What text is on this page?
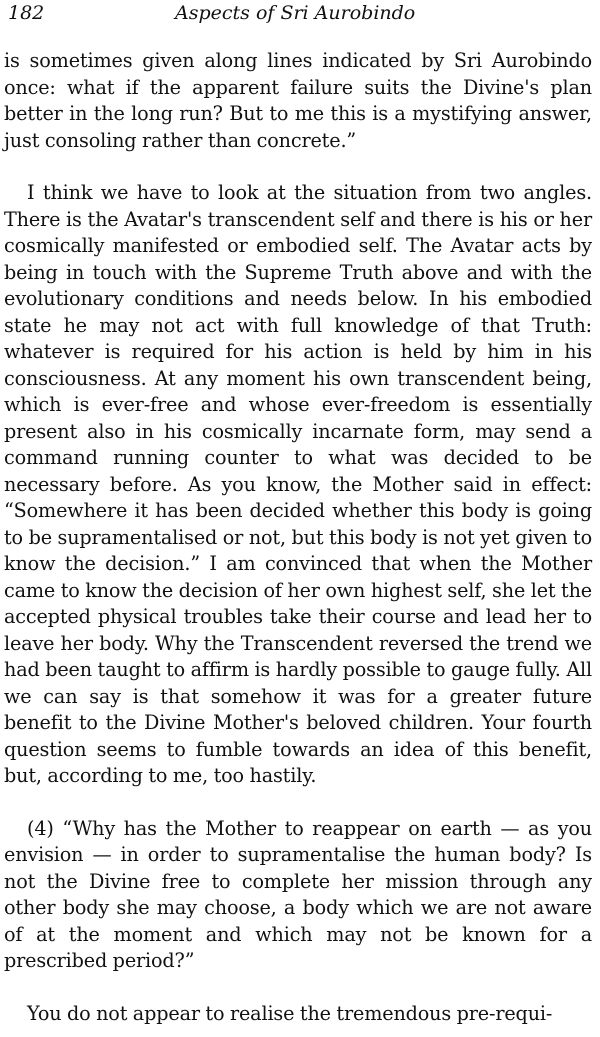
182	Aspects of Sri Aurobindo

is sometimes given along lines indicated by Sri Aurobindo once: what if the apparent failure suits the Divine's plan better in the long run? But to me this is a mystifying answer, just consoling rather than concrete.”

I think we have to look at the situation from two angles. There is the Avatar's transcendent self and there is his or her cosmically manifested or embodied self. The Avatar acts by being in touch with the Supreme Truth above and with the evolutionary conditions and needs below. In his embodied state he may not act with full knowledge of that Truth: whatever is required for his action is held by him in his consciousness. At any moment his own transcendent being, which is ever-free and whose ever-freedom is essentially present also in his cosmically incarnate form, may send a command running counter to what was decided to be necessary before. As you know, the Mother said in effect: “Somewhere it has been decided whether this body is going to be supramentalised or not, but this body is not yet given to know the decision.” I am convinced that when the Mother came to know the decision of her own highest self, she let the accepted physical troubles take their course and lead her to leave her body. Why the Transcendent reversed the trend we had been taught to affirm is hardly possible to gauge fully. All we can say is that somehow it was for a greater future benefit to the Divine Mother's beloved children. Your fourth question seems to fumble towards an idea of this benefit, but, according to me, too hastily.

(4) “Why has the Mother to reappear on earth — as you envision — in order to supramentalise the human body? Is not the Divine free to complete her mission through any other body she may choose, a body which we are not aware of at the moment and which may not be known for a prescribed period?”

You do not appear to realise the tremendous pre-requi-
